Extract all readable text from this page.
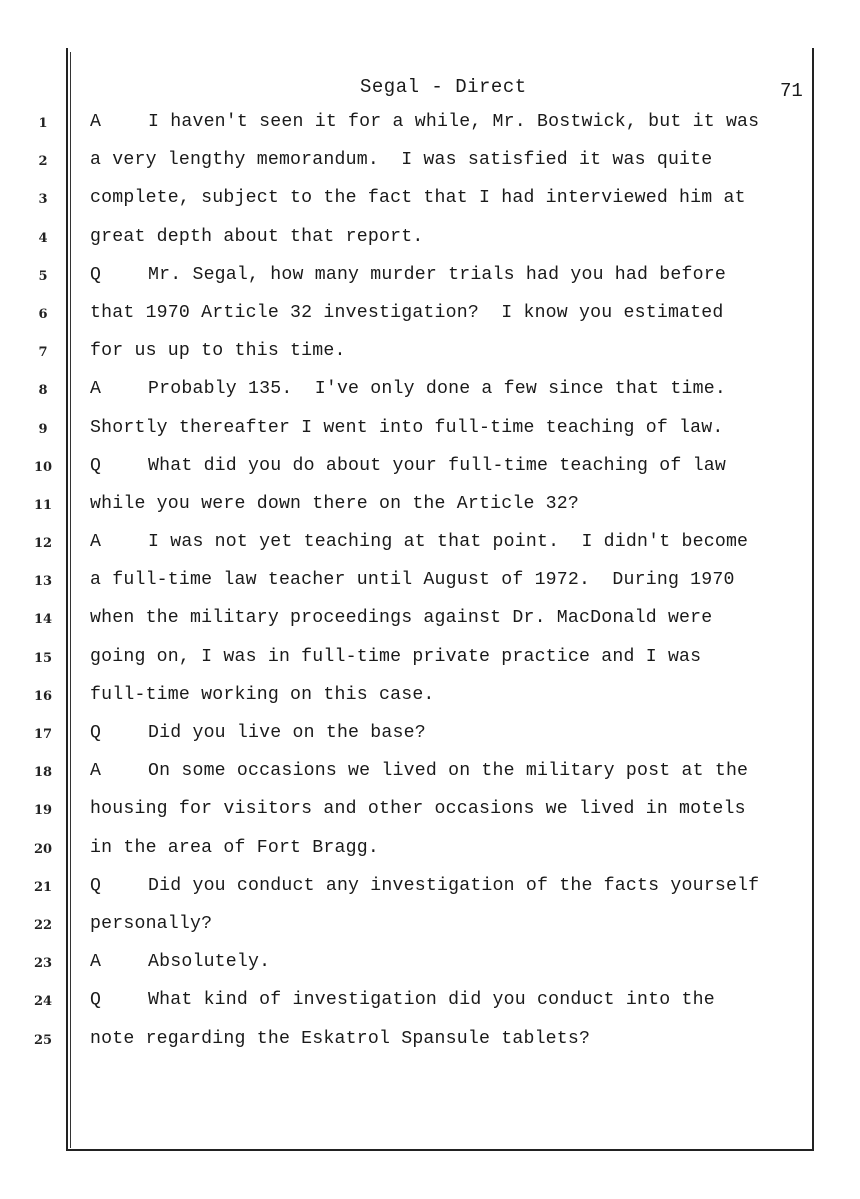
Segal - Direct	71
1	A	I haven't seen it for a while, Mr. Bostwick, but it was
2	a very lengthy memorandum.  I was satisfied it was quite
3	complete, subject to the fact that I had interviewed him at
4	great depth about that report.
5	Q	Mr. Segal, how many murder trials had you had before
6	that 1970 Article 32 investigation?  I know you estimated
7	for us up to this time.
8	A	Probably 135.  I've only done a few since that time.
9	Shortly thereafter I went into full-time teaching of law.
10	Q	What did you do about your full-time teaching of law
11	while you were down there on the Article 32?
12	A	I was not yet teaching at that point.  I didn't become
13	a full-time law teacher until August of 1972.  During 1970
14	when the military proceedings against Dr. MacDonald were
15	going on, I was in full-time private practice and I was
16	full-time working on this case.
17	Q	Did you live on the base?
18	A	On some occasions we lived on the military post at the
19	housing for visitors and other occasions we lived in motels
20	in the area of Fort Bragg.
21	Q	Did you conduct any investigation of the facts yourself
22	personally?
23	A	Absolutely.
24	Q	What kind of investigation did you conduct into the
25	note regarding the Eskatrol Spansule tablets?
